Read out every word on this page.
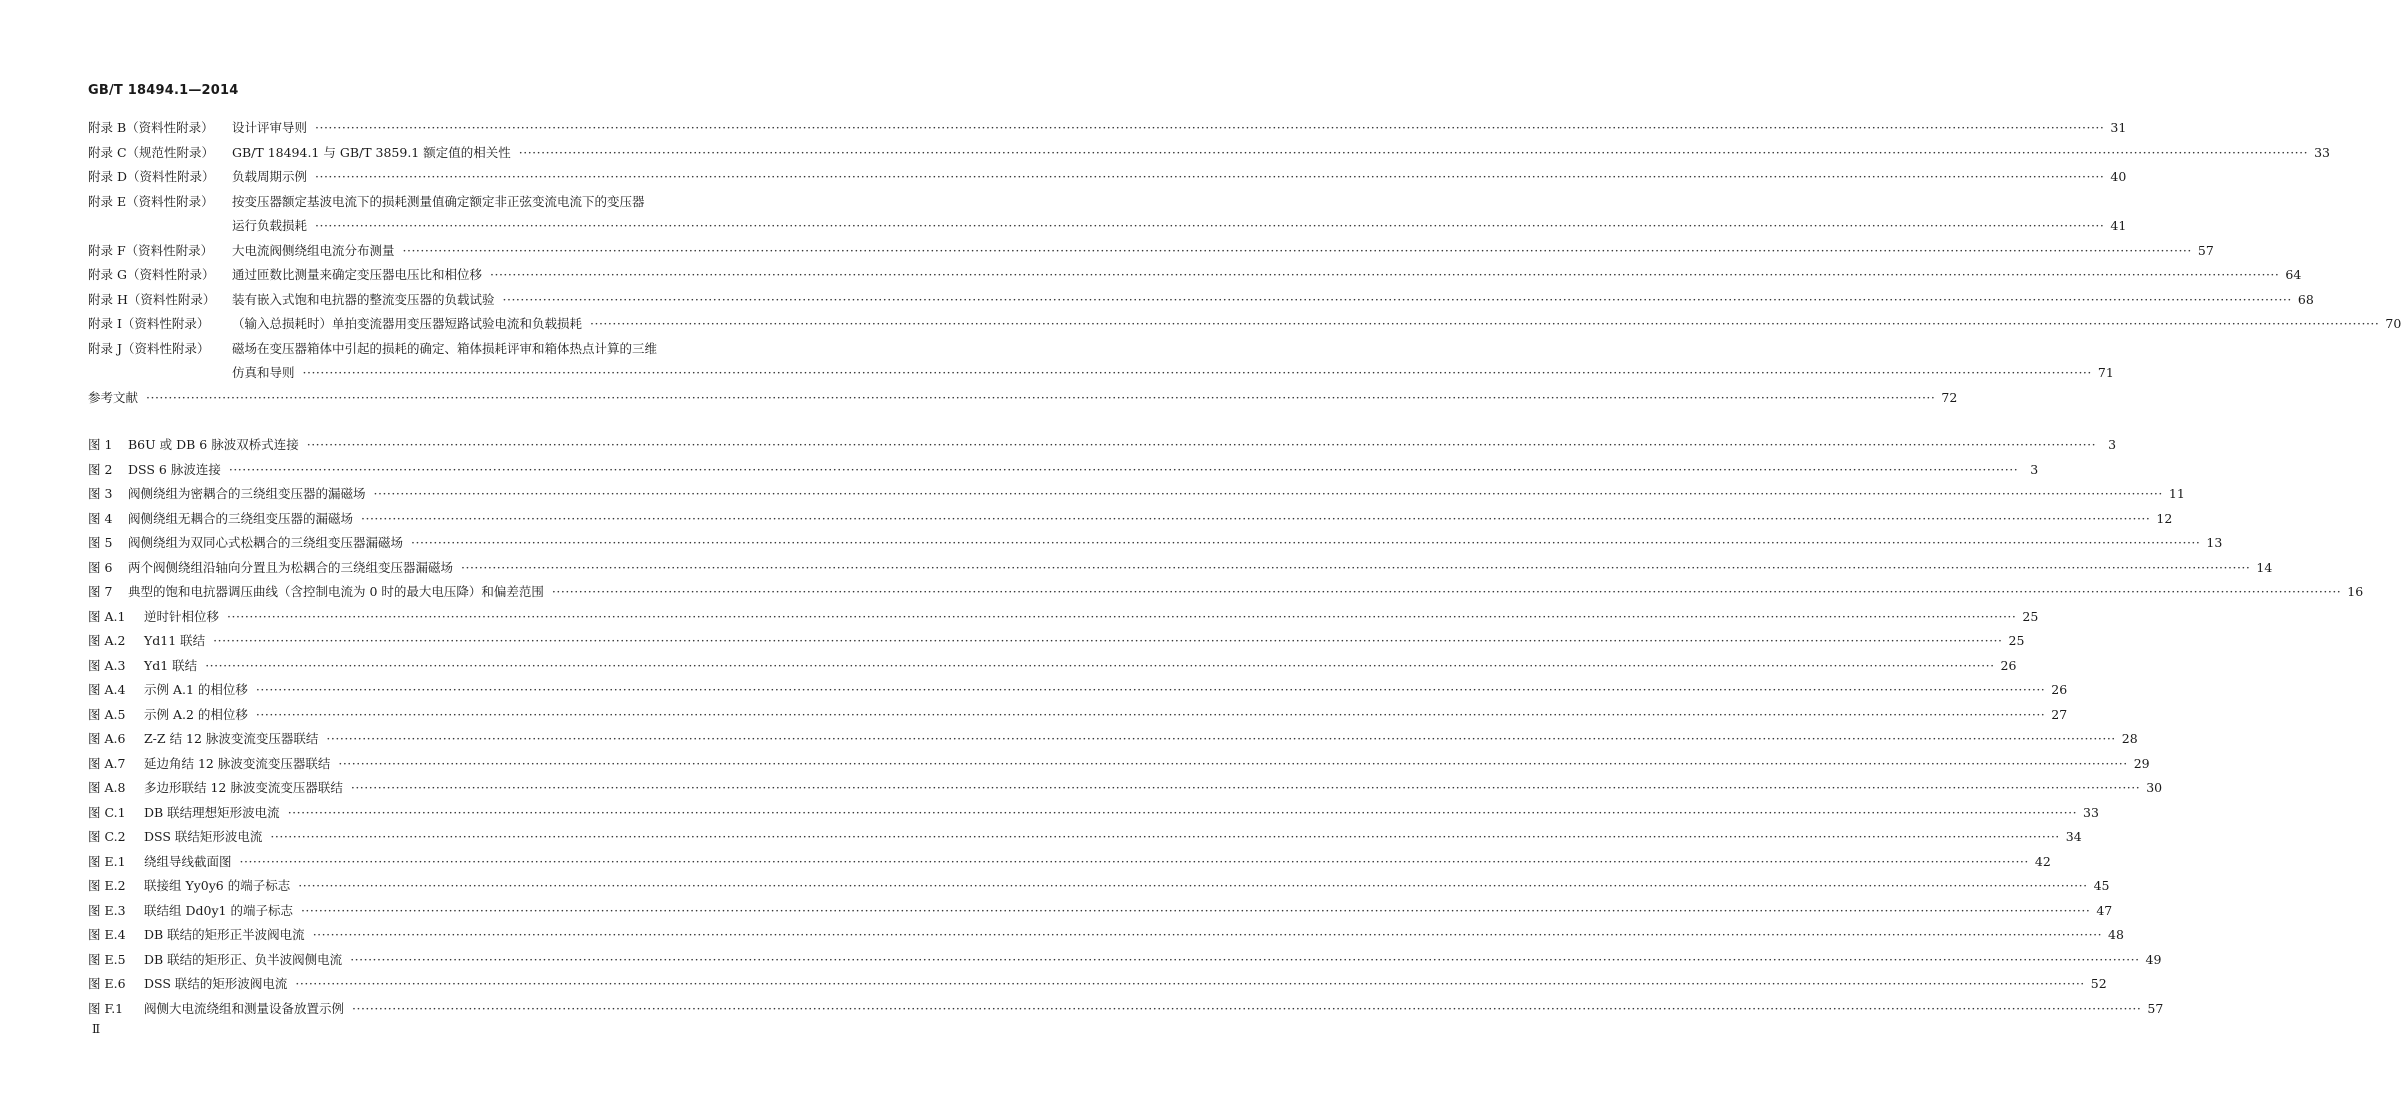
GB/T 18494.1—2014
附录 B（资料性附录） 设计评审导则 ················································································································································································································································································································································································································ 31
附录 C（规范性附录） GB/T 18494.1 与 GB/T 3859.1 额定值的相关性 ················································································································································································································································································································································································································ 33
附录 D（资料性附录） 负载周期示例 ················································································································································································································································································································································································································ 40
附录 E（资料性附录） 按变压器额定基波电流下的损耗测量值确定额定非正弦变流电流下的变压器
运行负载损耗 ················································································································································································································································································································································································································ 41
附录 F（资料性附录） 大电流阀侧绕组电流分布测量 ················································································································································································································································································································································································································ 57
附录 G（资料性附录） 通过匝数比测量来确定变压器电压比和相位移 ················································································································································································································································································································································································································ 64
附录 H（资料性附录） 装有嵌入式饱和电抗器的整流变压器的负载试验 ················································································································································································································································································································································································································ 68
附录 I（资料性附录） （输入总损耗时）单拍变流器用变压器短路试验电流和负载损耗 ················································································································································································································································································································································································································ 70
附录 J（资料性附录） 磁场在变压器箱体中引起的损耗的确定、箱体损耗评审和箱体热点计算的三维
仿真和导则 ················································································································································································································································································································································································································ 71
参考文献 ················································································································································································································································································································································································································ 72
图 1 B6U 或 DB 6 脉波双桥式连接 ················································································································································································································································································································································································································ 3
图 2 DSS 6 脉波连接 ················································································································································································································································································································································································································ 3
图 3 阀侧绕组为密耦合的三绕组变压器的漏磁场 ················································································································································································································································································································································································································ 11
图 4 阀侧绕组无耦合的三绕组变压器的漏磁场 ················································································································································································································································································································································································································ 12
图 5 阀侧绕组为双同心式松耦合的三绕组变压器漏磁场 ················································································································································································································································································································································································································ 13
图 6 两个阀侧绕组沿轴向分置且为松耦合的三绕组变压器漏磁场 ················································································································································································································································································································································································································ 14
图 7 典型的饱和电抗器调压曲线（含控制电流为 0 时的最大电压降）和偏差范围 ················································································································································································································································································································································································································ 16
图 A.1 逆时针相位移 ················································································································································································································································································································································································································ 25
图 A.2 Yd11 联结 ················································································································································································································································································································································································································ 25
图 A.3 Yd1 联结 ················································································································································································································································································································································································································ 26
图 A.4 示例 A.1 的相位移 ················································································································································································································································································································································································································ 26
图 A.5 示例 A.2 的相位移 ················································································································································································································································································································································································································ 27
图 A.6 Z-Z 结 12 脉波变流变压器联结 ················································································································································································································································································································································································································ 28
图 A.7 延边角结 12 脉波变流变压器联结 ················································································································································································································································································································································································································ 29
图 A.8 多边形联结 12 脉波变流变压器联结 ················································································································································································································································································································································································································ 30
图 C.1 DB 联结理想矩形波电流 ················································································································································································································································································································································································································ 33
图 C.2 DSS 联结矩形波电流 ················································································································································································································································································································································································································ 34
图 E.1 绕组导线截面图 ················································································································································································································································································································································································································ 42
图 E.2 联接组 Yy0y6 的端子标志 ················································································································································································································································································································································································································ 45
图 E.3 联结组 Dd0y1 的端子标志 ················································································································································································································································································································································································································ 47
图 E.4 DB 联结的矩形正半波阀电流 ················································································································································································································································································································································································································ 48
图 E.5 DB 联结的矩形正、负半波阀侧电流 ················································································································································································································································································································································································································ 49
图 E.6 DSS 联结的矩形波阀电流 ················································································································································································································································································································································································································ 52
图 F.1 阀侧大电流绕组和测量设备放置示例 ················································································································································································································································································································································································································ 57
Ⅱ
